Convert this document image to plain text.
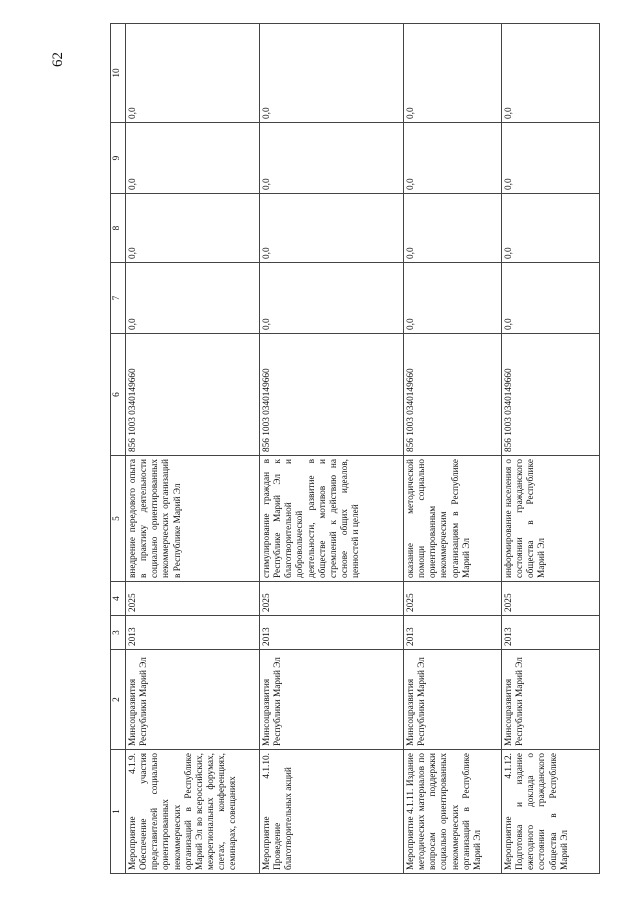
62
1	2	3	4	5	6	7	8	9	10
Мероприятие 4.1.9. Обеспечение участия представителей социально ориентированных некоммерческих организаций в Республике Марий Эл во всероссийских, межрегиональных форумах, слетах, конференциях, семинарах, совещаниях	Минсоцразвития Республики Марий Эл	2013	2025	внедрение передового опыта в практику деятельности социально ориентированных некоммерческих организаций в Республике Марий Эл	856 1003 0340149660	0,0	0,0	0,0	0,0
Мероприятие 4.1.10. Проведение благотворительных акций	Минсоцразвития Республики Марий Эл	2013	2025	стимулирование граждан в Республике Марий Эл к благотворительной и добровольческой деятельности, развитие в обществе мотивов и стремлений к действию на основе общих идеалов, ценностей и целей	856 1003 0340149660	0,0	0,0	0,0	0,0
Мероприятие 4.1.11. Издание методических материалов по вопросам поддержки социально ориентированных некоммерческих организаций в Республике Марий Эл	Минсоцразвития Республики Марий Эл	2013	2025	оказание методической помощи социально ориентированным некоммерческим организациям в Республике Марий Эл	856 1003 0340149660	0,0	0,0	0,0	0,0
Мероприятие 4.1.12. Подготовка и издание ежегодного доклада о состоянии гражданского общества в Республике Марий Эл	Минсоцразвития Республики Марий Эл	2013	2025	информирование населения о состоянии гражданского общества в Республике Марий Эл	856 1003 0340149660	0,0	0,0	0,0	0,0
